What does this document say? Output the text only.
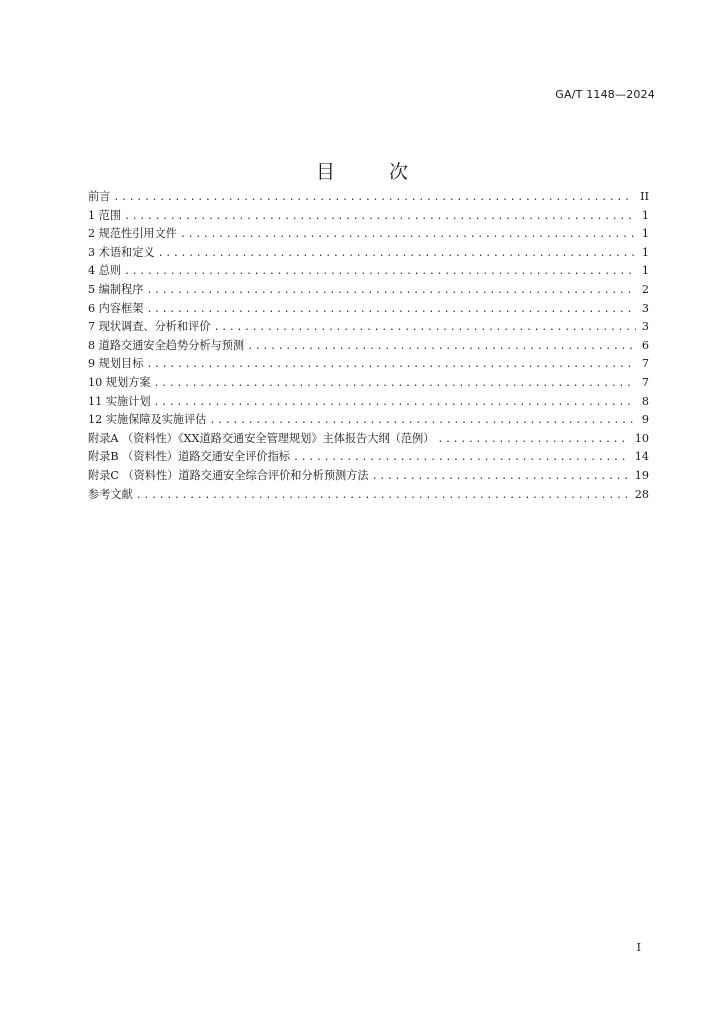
GA/T 1148—2024
目 次
前言 .....	II
1 范围 .....	1
2 规范性引用文件 .....	1
3 术语和定义 .....	1
4 总则 .....	1
5 编制程序 .....	2
6 内容框架 .....	3
7 现状调查、分析和评价 .....	3
8 道路交通安全趋势分析与预测 .....	6
9 规划目标 .....	7
10 规划方案 .....	7
11 实施计划 .....	8
12 实施保障及实施评估 .....	9
附录A （资料性）《XX道路交通安全管理规划》主体报告大纲（范例） .....	10
附录B （资料性）道路交通安全评价指标 .....	14
附录C （资料性）道路交通安全综合评价和分析预测方法 .....	19
参考文献 .....	28
I
